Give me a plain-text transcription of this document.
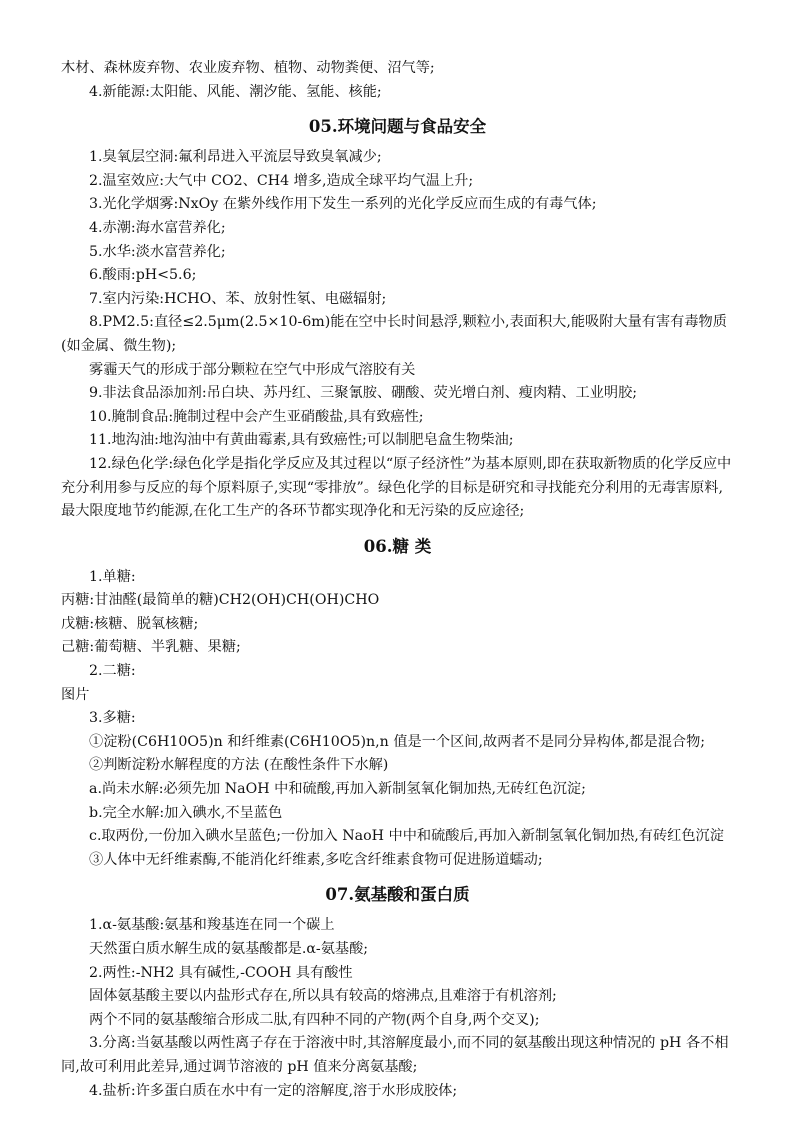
木材、森林废弃物、农业废弃物、植物、动物粪便、沼气等;

4.新能源:太阳能、风能、潮汐能、氢能、核能;

05.环境问题与食品安全

1.臭氧层空洞:氟利昂进入平流层导致臭氧减少;

2.温室效应:大气中 CO2、CH4 增多,造成全球平均气温上升;

3.光化学烟雾:NxOy 在紫外线作用下发生一系列的光化学反应而生成的有毒气体;

4.赤潮:海水富营养化;

5.水华:淡水富营养化;

6.酸雨:pH<5.6;

7.室内污染:HCHO、苯、放射性氡、电磁辐射;

8.PM2.5:直径≤2.5μm(2.5×10-6m)能在空中长时间悬浮,颗粒小,表面积大,能吸附大量有害有毒物质(如金属、微生物);

雾霾天气的形成于部分颗粒在空气中形成气溶胶有关

9.非法食品添加剂:吊白块、苏丹红、三聚氰胺、硼酸、荧光增白剂、瘦肉精、工业明胶;

10.腌制食品:腌制过程中会产生亚硝酸盐,具有致癌性;

11.地沟油:地沟油中有黄曲霉素,具有致癌性;可以制肥皂盒生物柴油;

12.绿色化学:绿色化学是指化学反应及其过程以“原子经济性”为基本原则,即在获取新物质的化学反应中充分利用参与反应的每个原料原子,实现“零排放”。绿色化学的目标是研究和寻找能充分利用的无毒害原料,最大限度地节约能源,在化工生产的各环节都实现净化和无污染的反应途径;

06.糖 类

1.单糖:

丙糖:甘油醛(最简单的糖)CH2(OH)CH(OH)CHO

戊糖:核糖、脱氧核糖;

己糖:葡萄糖、半乳糖、果糖;

2.二糖:

图片

3.多糖:

①淀粉(C6H10O5)n 和纤维素(C6H10O5)n,n 值是一个区间,故两者不是同分异构体,都是混合物;

②判断淀粉水解程度的方法 (在酸性条件下水解)

a.尚未水解:必须先加 NaOH 中和硫酸,再加入新制氢氧化铜加热,无砖红色沉淀;

b.完全水解:加入碘水,不呈蓝色

c.取两份,一份加入碘水呈蓝色;一份加入 NaoH 中中和硫酸后,再加入新制氢氧化铜加热,有砖红色沉淀

③人体中无纤维素酶,不能消化纤维素,多吃含纤维素食物可促进肠道蠕动;

07.氨基酸和蛋白质

1.α-氨基酸:氨基和羧基连在同一个碳上

天然蛋白质水解生成的氨基酸都是.α-氨基酸;

2.两性:-NH2 具有碱性,-COOH 具有酸性

固体氨基酸主要以内盐形式存在,所以具有较高的熔沸点,且难溶于有机溶剂;

两个不同的氨基酸缩合形成二肽,有四种不同的产物(两个自身,两个交叉);

3.分离:当氨基酸以两性离子存在于溶液中时,其溶解度最小,而不同的氨基酸出现这种情况的 pH 各不相同,故可利用此差异,通过调节溶液的 pH 值来分离氨基酸;

4.盐析:许多蛋白质在水中有一定的溶解度,溶于水形成胶体;
